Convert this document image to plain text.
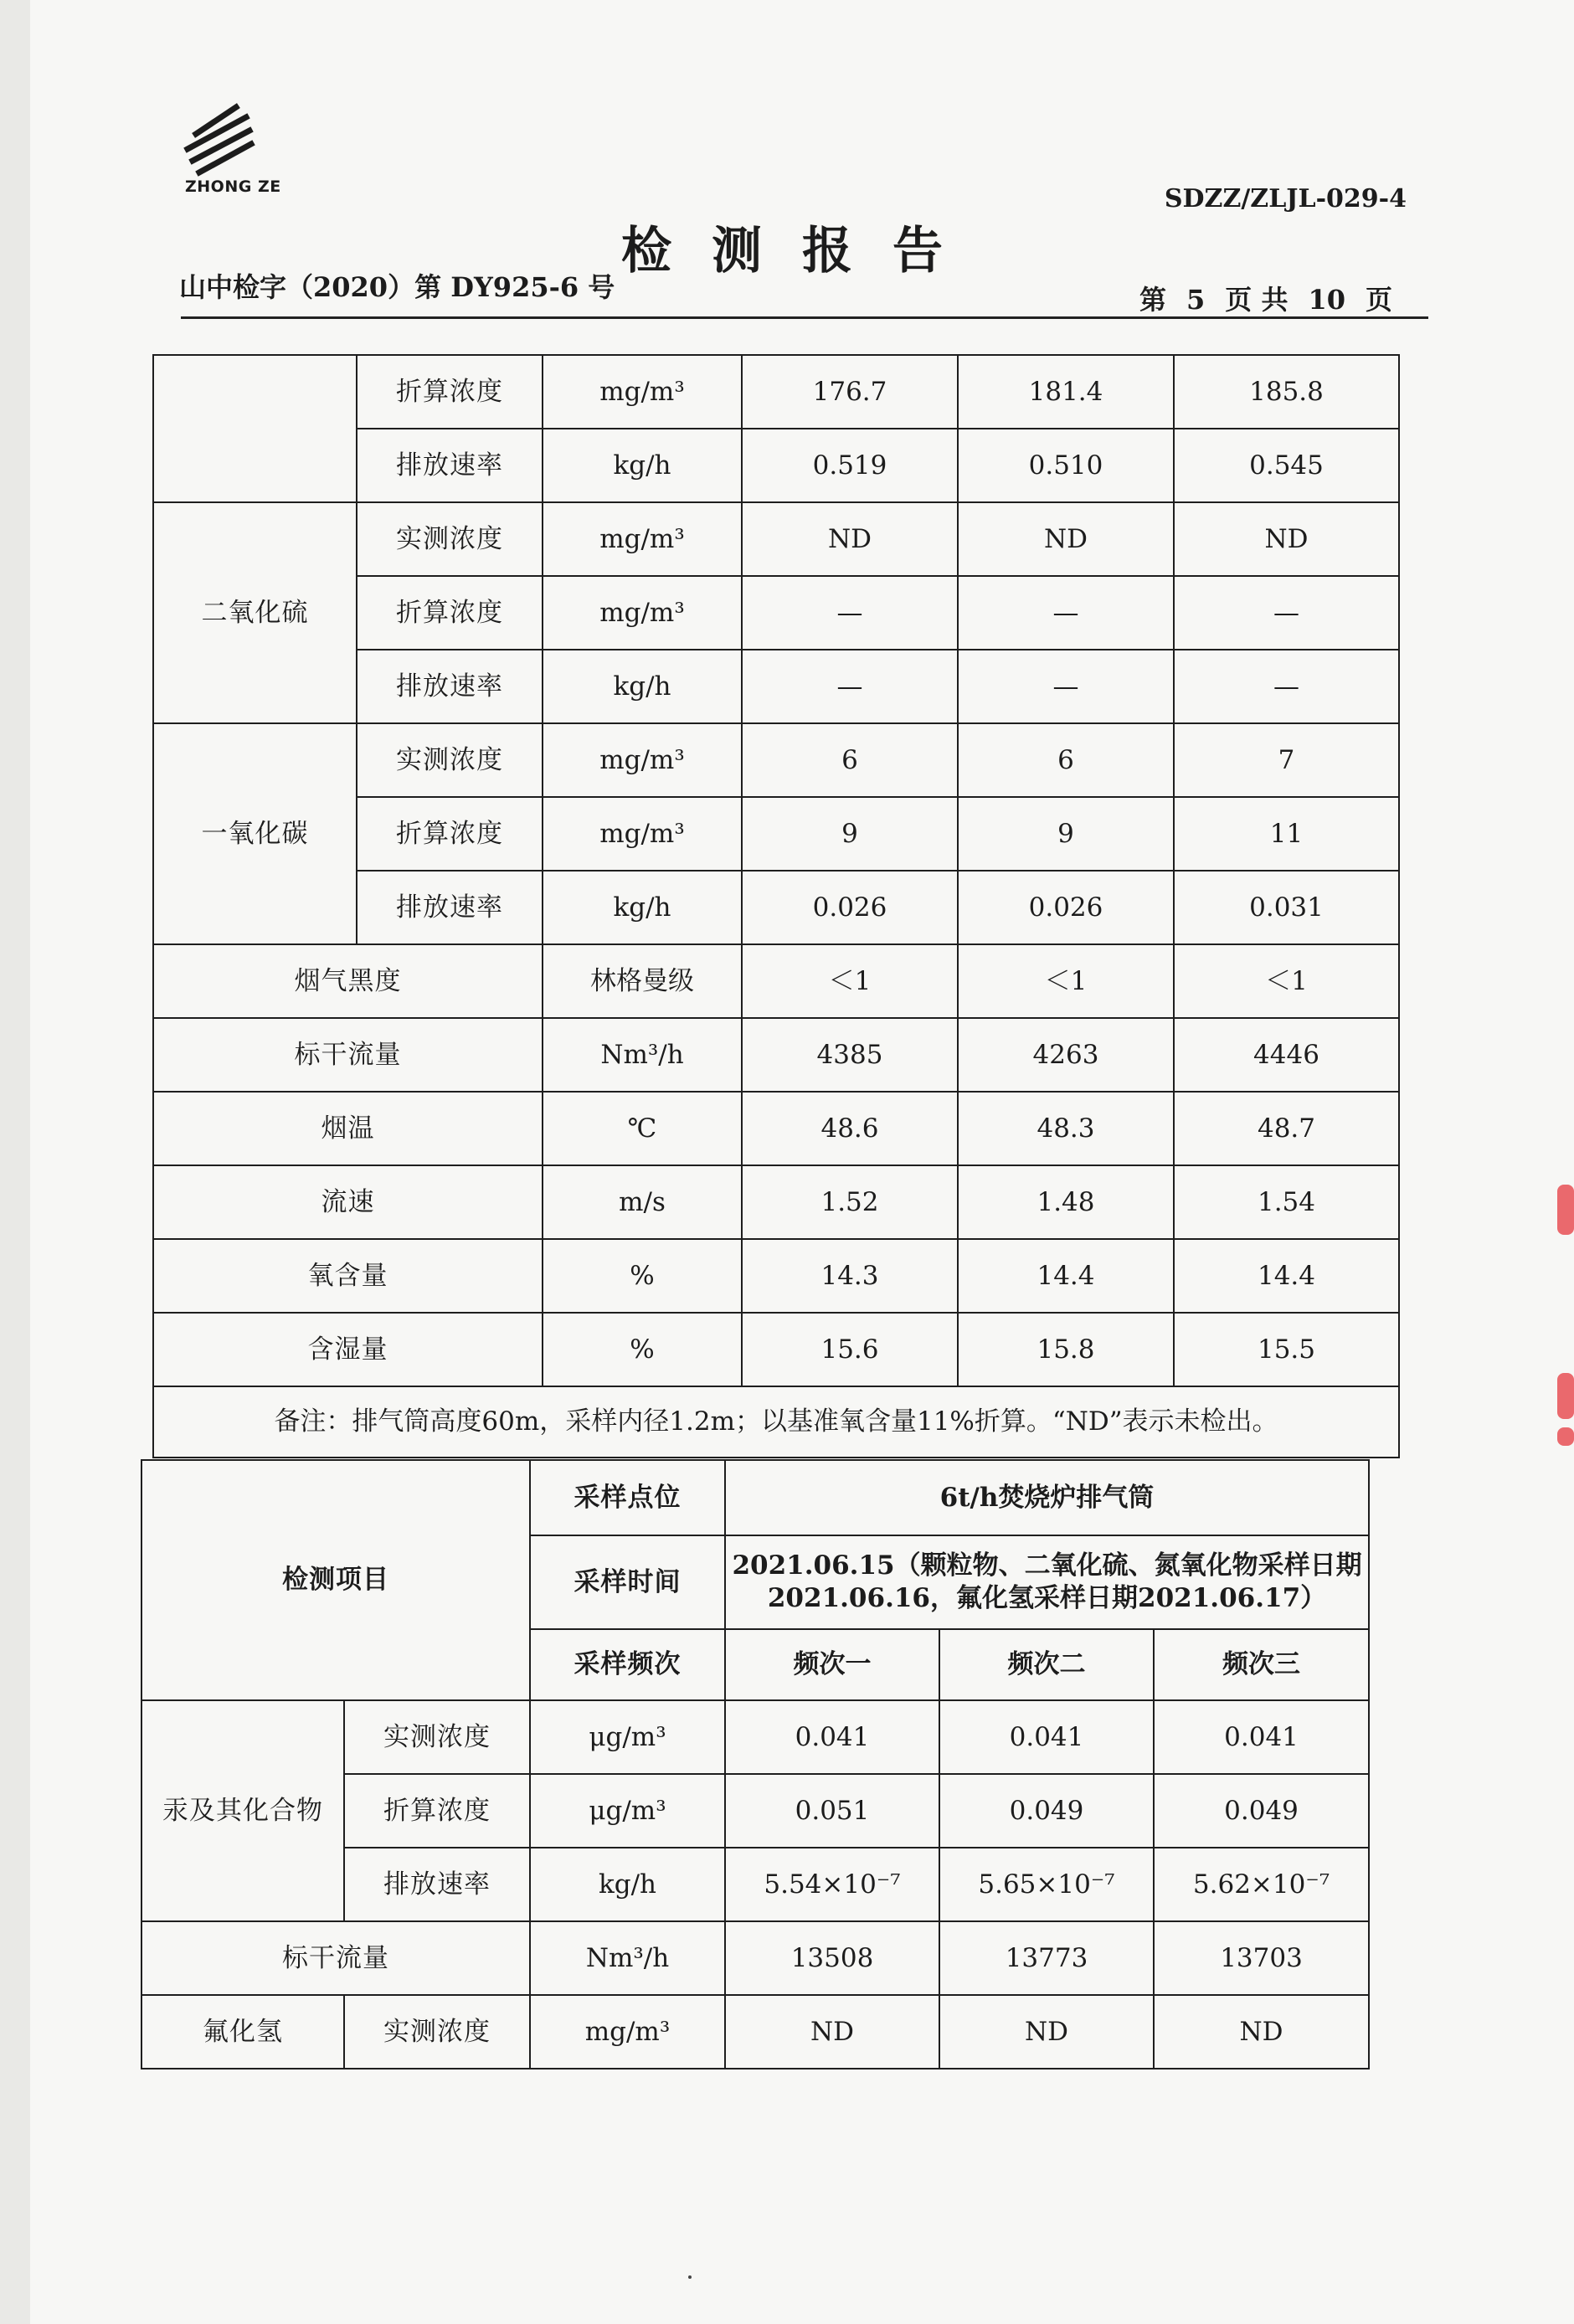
ZHONG ZE	SDZZ/ZLJL-029-4
检测报告
山中检字（2020）第 DY925-6 号	第 5 页 共 10 页
	折算浓度	mg/m³	176.7	181.4	185.8
	排放速率	kg/h	0.519	0.510	0.545
二氧化硫	实测浓度	mg/m³	ND	ND	ND
	折算浓度	mg/m³	—	—	—
	排放速率	kg/h	—	—	—
一氧化碳	实测浓度	mg/m³	6	6	7
	折算浓度	mg/m³	9	9	11
	排放速率	kg/h	0.026	0.026	0.031
烟气黑度		林格曼级	＜1	＜1	＜1
标干流量		Nm³/h	4385	4263	4446
烟温		℃	48.6	48.3	48.7
流速		m/s	1.52	1.48	1.54
氧含量		%	14.3	14.4	14.4
含湿量		%	15.6	15.8	15.5
备注：排气筒高度60m，采样内径1.2m；以基准氧含量11%折算。“ND”表示未检出。					
检测项目		采样点位	6t/h焚烧炉排气筒		
		采样时间	2021.06.15（颗粒物、二氧化硫、氮氧化物采样日期2021.06.16，氟化氢采样日期2021.06.17）		
		采样频次	频次一	频次二	频次三
汞及其化合物	实测浓度	μg/m³	0.041	0.041	0.041
	折算浓度	μg/m³	0.051	0.049	0.049
	排放速率	kg/h	5.54×10⁻⁷	5.65×10⁻⁷	5.62×10⁻⁷
标干流量		Nm³/h	13508	13773	13703
氟化氢	实测浓度	mg/m³	ND	ND	ND
